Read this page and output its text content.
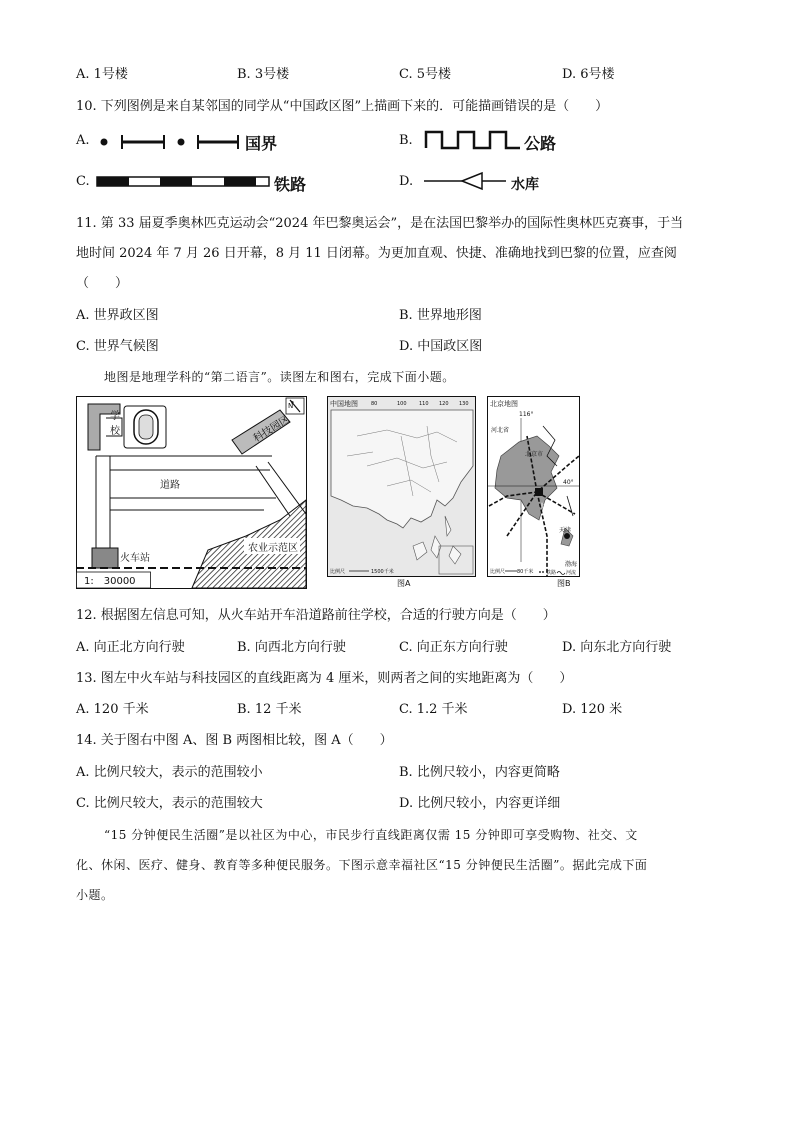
A. 1号楼	B. 3号楼	C. 5号楼	D. 6号楼
10. 下列图例是来自某邻国的同学从“中国政区图”上描画下来的．可能描画错误的是（　　）
A.	国界	B.	公路
C.	铁路	D.	水库
11. 第 33 届夏季奥林匹克运动会“2024 年巴黎奥运会”，是在法国巴黎举办的国际性奥林匹克赛事，于当
地时间 2024 年 7 月 26 日开幕，8 月 11 日闭幕。为更加直观、快捷、准确地找到巴黎的位置，应查阅
（　　）
A. 世界政区图	B. 世界地形图
C. 世界气候图	D. 中国政区图
地图是地理学科的“第二语言”。读图左和图右，完成下面小题。
学
校
道路
科技园区
N
农业示范区
火车站
1:　30000
中国地图	80	100 110 120 130
比例尺	1500千米
图A
北京地图
116°
河北省
北京市
北京
天津
40°
渤海
比例尺 80千米	铁路 河流
图B
12. 根据图左信息可知，从火车站开车沿道路前往学校，合适的行驶方向是（　　）
A. 向正北方向行驶	B. 向西北方向行驶	C. 向正东方向行驶	D. 向东北方向行驶
13. 图左中火车站与科技园区的直线距离为 4 厘米，则两者之间的实地距离为（　　）
A. 120 千米	B. 12 千米	C. 1.2 千米	D. 120 米
14. 关于图右中图 A、图 B 两图相比较，图 A（　　）
A. 比例尺较大，表示的范围较小	B. 比例尺较小，内容更简略
C. 比例尺较大，表示的范围较大	D. 比例尺较小，内容更详细
“15 分钟便民生活圈”是以社区为中心，市民步行直线距离仅需 15 分钟即可享受购物、社交、文
化、休闲、医疗、健身、教育等多种便民服务。下图示意幸福社区“15 分钟便民生活圈”。据此完成下面
小题。
